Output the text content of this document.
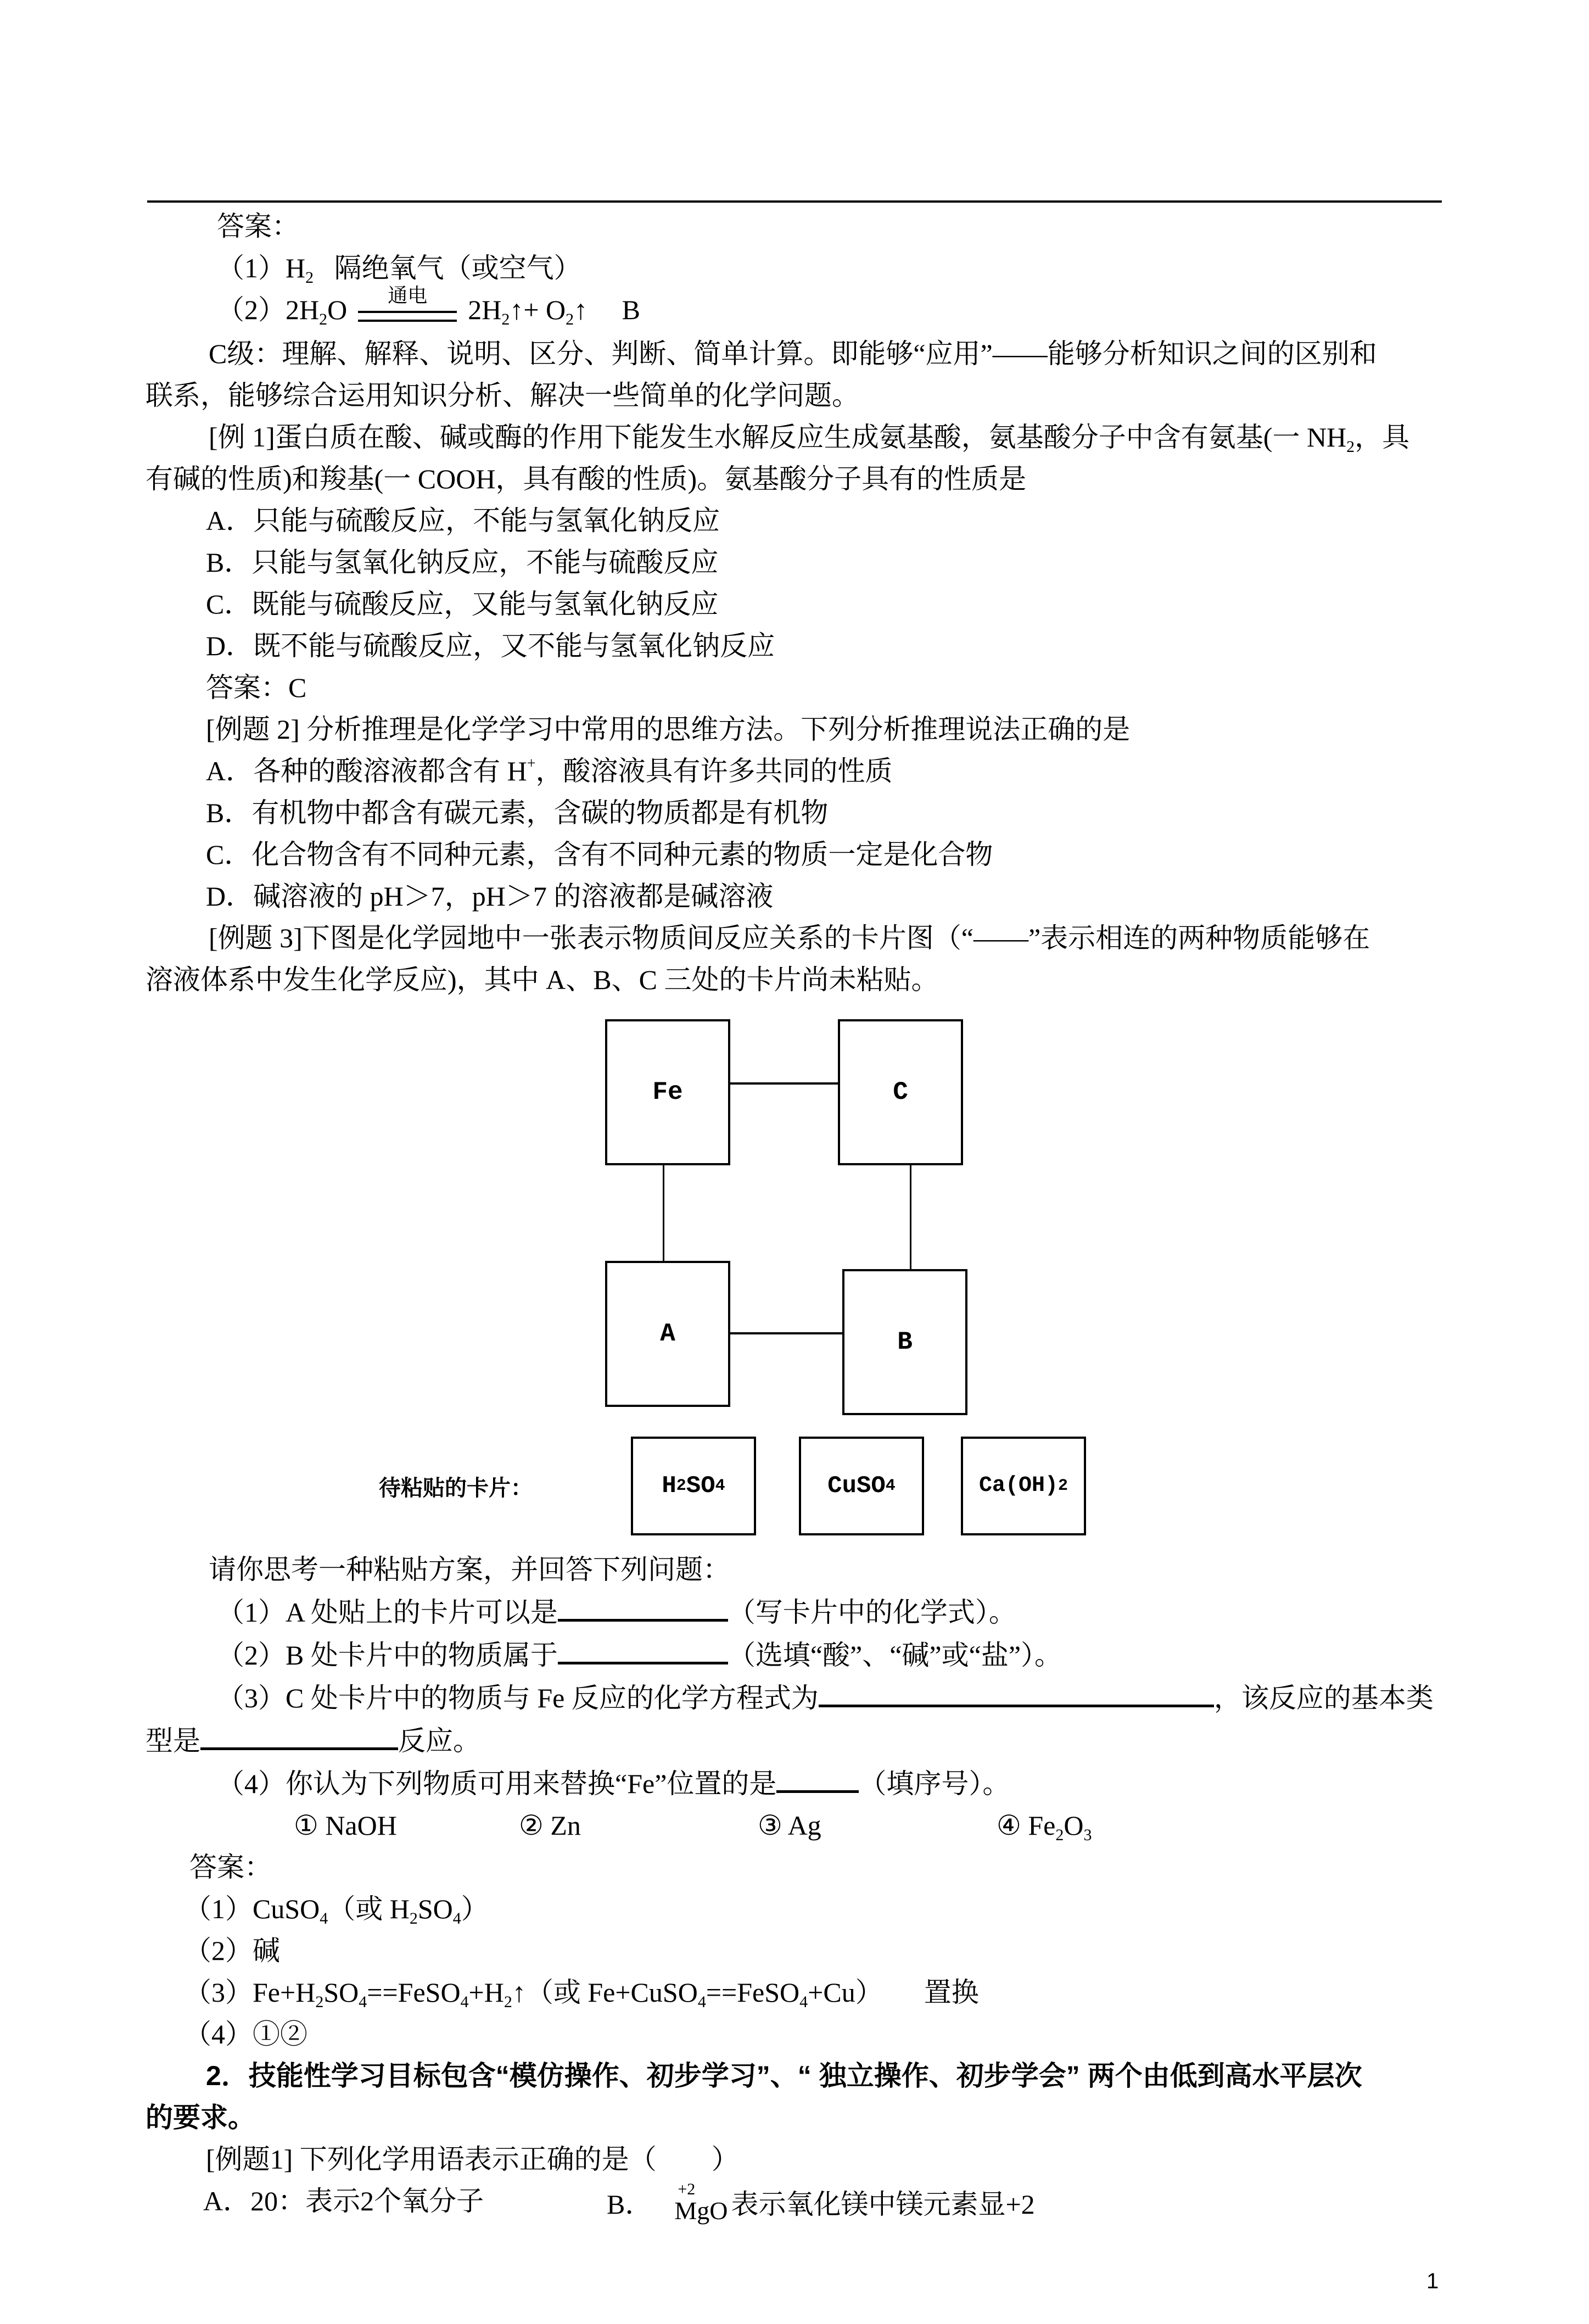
答案：
$(1)H_2$ 隔绝氧气（或空气）
$(2)2H_2O$	通电	$2H_2↑+$ $O_2↑$ B
C级：理解、解释、说明、区分、判断、简单计算。即能够“应用”——能够分析知识之间的区别和
联系，能够综合运用知识分析、解决一些简单的化学问题。
[例 1]蛋白质在酸、碱或酶的作用下能发生水解反应生成氨基酸，氨基酸分子中含有氨基(一 $NH_2$，具
有碱的性质)和羧基(一 COOH，具有酸的性质)。氨基酸分子具有的性质是
A．只能与硫酸反应，不能与氢氧化钠反应
B．只能与氢氧化钠反应，不能与硫酸反应
C．既能与硫酸反应，又能与氢氧化钠反应
D．既不能与硫酸反应，又不能与氢氧化钠反应
答案：C
[例题 2] 分析推理是化学学习中常用的思维方法。下列分析推理说法正确的是
A．各种的酸溶液都含有 H+，酸溶液具有许多共同的性质
B．有机物中都含有碳元素，含碳的物质都是有机物
C．化合物含有不同种元素，含有不同种元素的物质一定是化合物
D．碱溶液的 pH＞7，pH＞7 的溶液都是碱溶液
[例题 3]下图是化学园地中一张表示物质间反应关系的卡片图（“——”表示相连的两种物质能够在
溶液体系中发生化学反应)，其中 A、B、C 三处的卡片尚未粘贴。
Fe	C
A	B
待粘贴的卡片：	H 2 SO 4	CuSO 4	Ca(OH) 2
请你思考一种粘贴方案，并回答下列问题：
（1）A 处贴上的卡片可以是	（写卡片中的化学式）。
（2）B 处卡片中的物质属于	（选填“酸”、“碱”或“盐”）。
（3）C 处卡片中的物质与 Fe 反应的化学方程式为	，该反应的基本类
型是	反应。
（4）你认为下列物质可用来替换“Fe”位置的是	（填序号）。
① NaOH	② Zn	③ Ag	④ $Fe_2O_3$
答案：
（1）CuSO$_4$（或 $H_2SO_4$）
（2）碱
$(3)Fe+H_2SO_4==FeSO_4+H_2↑$（或 Fe+CuSO$_4$==FeSO$_4$+Cu） 置换
（4）①②
2．技能性学习目标包含“模仿操作、初步学习”、“ 独立操作、初步学会” 两个由低到高水平层次
的要求。
[例题1] 下列化学用语表示正确的是（　　）
A．20：表示2个氧分子	B． +2
MgO 表示氧化镁中镁元素显+2
1
